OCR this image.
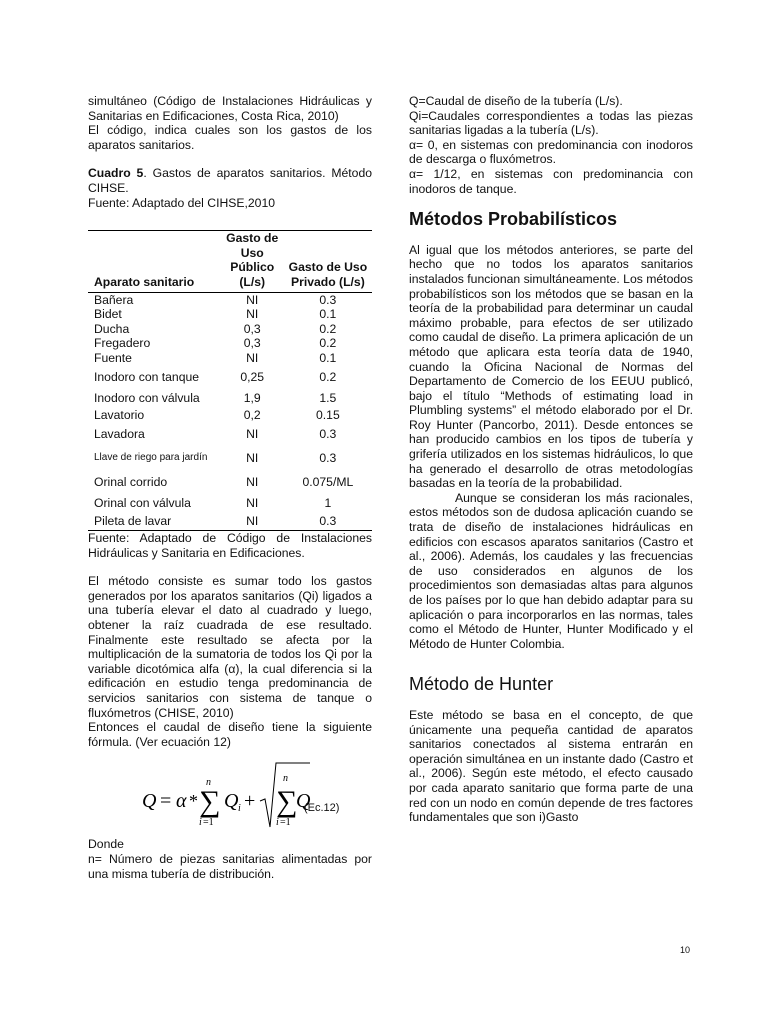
simultáneo (Código de Instalaciones Hidráulicas y Sanitarias en Edificaciones, Costa Rica, 2010)

El código, indica cuales son los gastos de los aparatos sanitarios.

Cuadro 5. Gastos de aparatos sanitarios. Método CIHSE.

Fuente: Adaptado del CIHSE,2010

Aparato sanitario	Gasto de Uso Público (L/s)	Gasto de Uso Privado (L/s)
Bañera	NI	0.3
Bidet	NI	0.1
Ducha	0,3	0.2
Fregadero	0,3	0.2
Fuente	NI	0.1
Inodoro con tanque	0,25	0.2
Inodoro con válvula	1,9	1.5
Lavatorio	0,2	0.15
Lavadora	NI	0.3
Llave de riego para jardín	NI	0.3
Orinal corrido	NI	0.075/ML
Orinal con válvula	NI	1
Pileta de lavar	NI	0.3

Fuente: Adaptado de Código de Instalaciones Hidráulicas y Sanitaria en Edificaciones.

El método consiste es sumar todo los gastos generados por los aparatos sanitarios (Qi) ligados a una tubería elevar el dato al cuadrado y luego, obtener la raíz cuadrada de ese resultado. Finalmente este resultado se afecta por la multiplicación de la sumatoria de todos los Qi por la variable dicotómica alfa (α), la cual diferencia si la edificación en estudio tenga predominancia de servicios sanitarios con sistema de tanque o fluxómetros (CHISE, 2010)

Entonces el caudal de diseño tiene la siguiente fórmula. (Ver ecuación 12)

Q = α * ∑
n
i =1
Q i + ∑
n
i =1
Q
(Ec.12)

Donde

n= Número de piezas sanitarias alimentadas por una misma tubería de distribución.

Q=Caudal de diseño de la tubería (L/s).

Qi=Caudales correspondientes a todas las piezas sanitarias ligadas a la tubería (L/s).

α= 0, en sistemas con predominancia con inodoros de descarga o fluxómetros.

α= 1/12, en sistemas con predominancia con inodoros de tanque.

Métodos Probabilísticos

Al igual que los métodos anteriores, se parte del hecho que no todos los aparatos sanitarios instalados funcionan simultáneamente. Los métodos probabilísticos son los métodos que se basan en la teoría de la probabilidad para determinar un caudal máximo probable, para efectos de ser utilizado como caudal de diseño. La primera aplicación de un método que aplicara esta teoría data de 1940, cuando la Oficina Nacional de Normas del Departamento de Comercio de los EEUU publicó, bajo el título “Methods of estimating load in Plumbling systems” el método elaborado por el Dr. Roy Hunter (Pancorbo, 2011). Desde entonces se han producido cambios en los tipos de tubería y grifería utilizados en los sistemas hidráulicos, lo que ha generado el desarrollo de otras metodologías basadas en la teoría de la probabilidad.

Aunque se consideran los más racionales, estos métodos son de dudosa aplicación cuando se trata de diseño de instalaciones hidráulicas en edificios con escasos aparatos sanitarios (Castro et al., 2006). Además, los caudales y las frecuencias de uso considerados en algunos de los procedimientos son demasiadas altas para algunos de los países por lo que han debido adaptar para su aplicación o para incorporarlos en las normas, tales como el Método de Hunter, Hunter Modificado y el Método de Hunter Colombia.

Método de Hunter

Este método se basa en el concepto, de que únicamente una pequeña cantidad de aparatos sanitarios conectados al sistema entrarán en operación simultánea en un instante dado (Castro et al., 2006). Según este método, el efecto causado por cada aparato sanitario que forma parte de una red con un nodo en común depende de tres factores fundamentales que son i)Gasto

10
